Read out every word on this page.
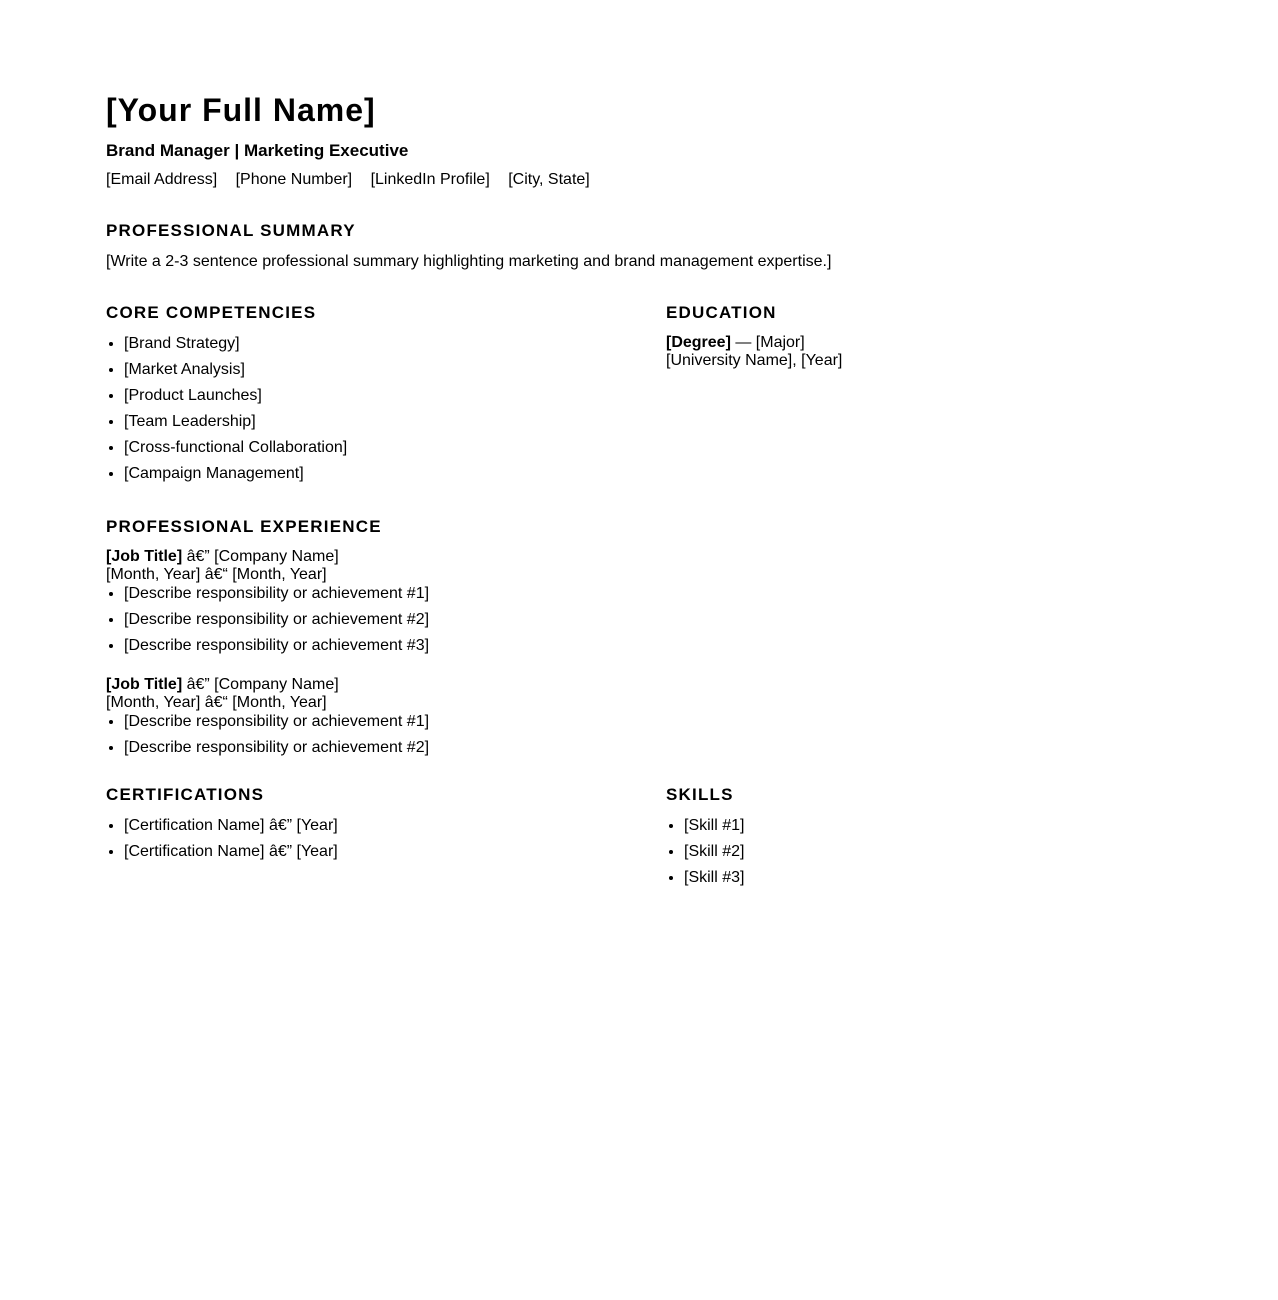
[Your Full Name]
Brand Manager | Marketing Executive
[Email Address] [Phone Number] [LinkedIn Profile] [City, State]
PROFESSIONAL SUMMARY

[Write a 2-3 sentence professional summary highlighting marketing and brand management expertise.]

CORE COMPETENCIES
• [Brand Strategy]
• [Market Analysis]
• [Product Launches]
• [Team Leadership]
• [Cross-functional Collaboration]
• [Campaign Management]
EDUCATION
[Degree] — [Major]
[University Name], [Year]
PROFESSIONAL EXPERIENCE
[Job Title] â€” [Company Name]
[Month, Year] â€“ [Month, Year]
• [Describe responsibility or achievement #1]
• [Describe responsibility or achievement #2]
• [Describe responsibility or achievement #3]
[Job Title] â€” [Company Name]
[Month, Year] â€“ [Month, Year]
• [Describe responsibility or achievement #1]
• [Describe responsibility or achievement #2]
CERTIFICATIONS
• [Certification Name] â€” [Year]
• [Certification Name] â€” [Year]
SKILLS
• [Skill #1]
• [Skill #2]
• [Skill #3]
